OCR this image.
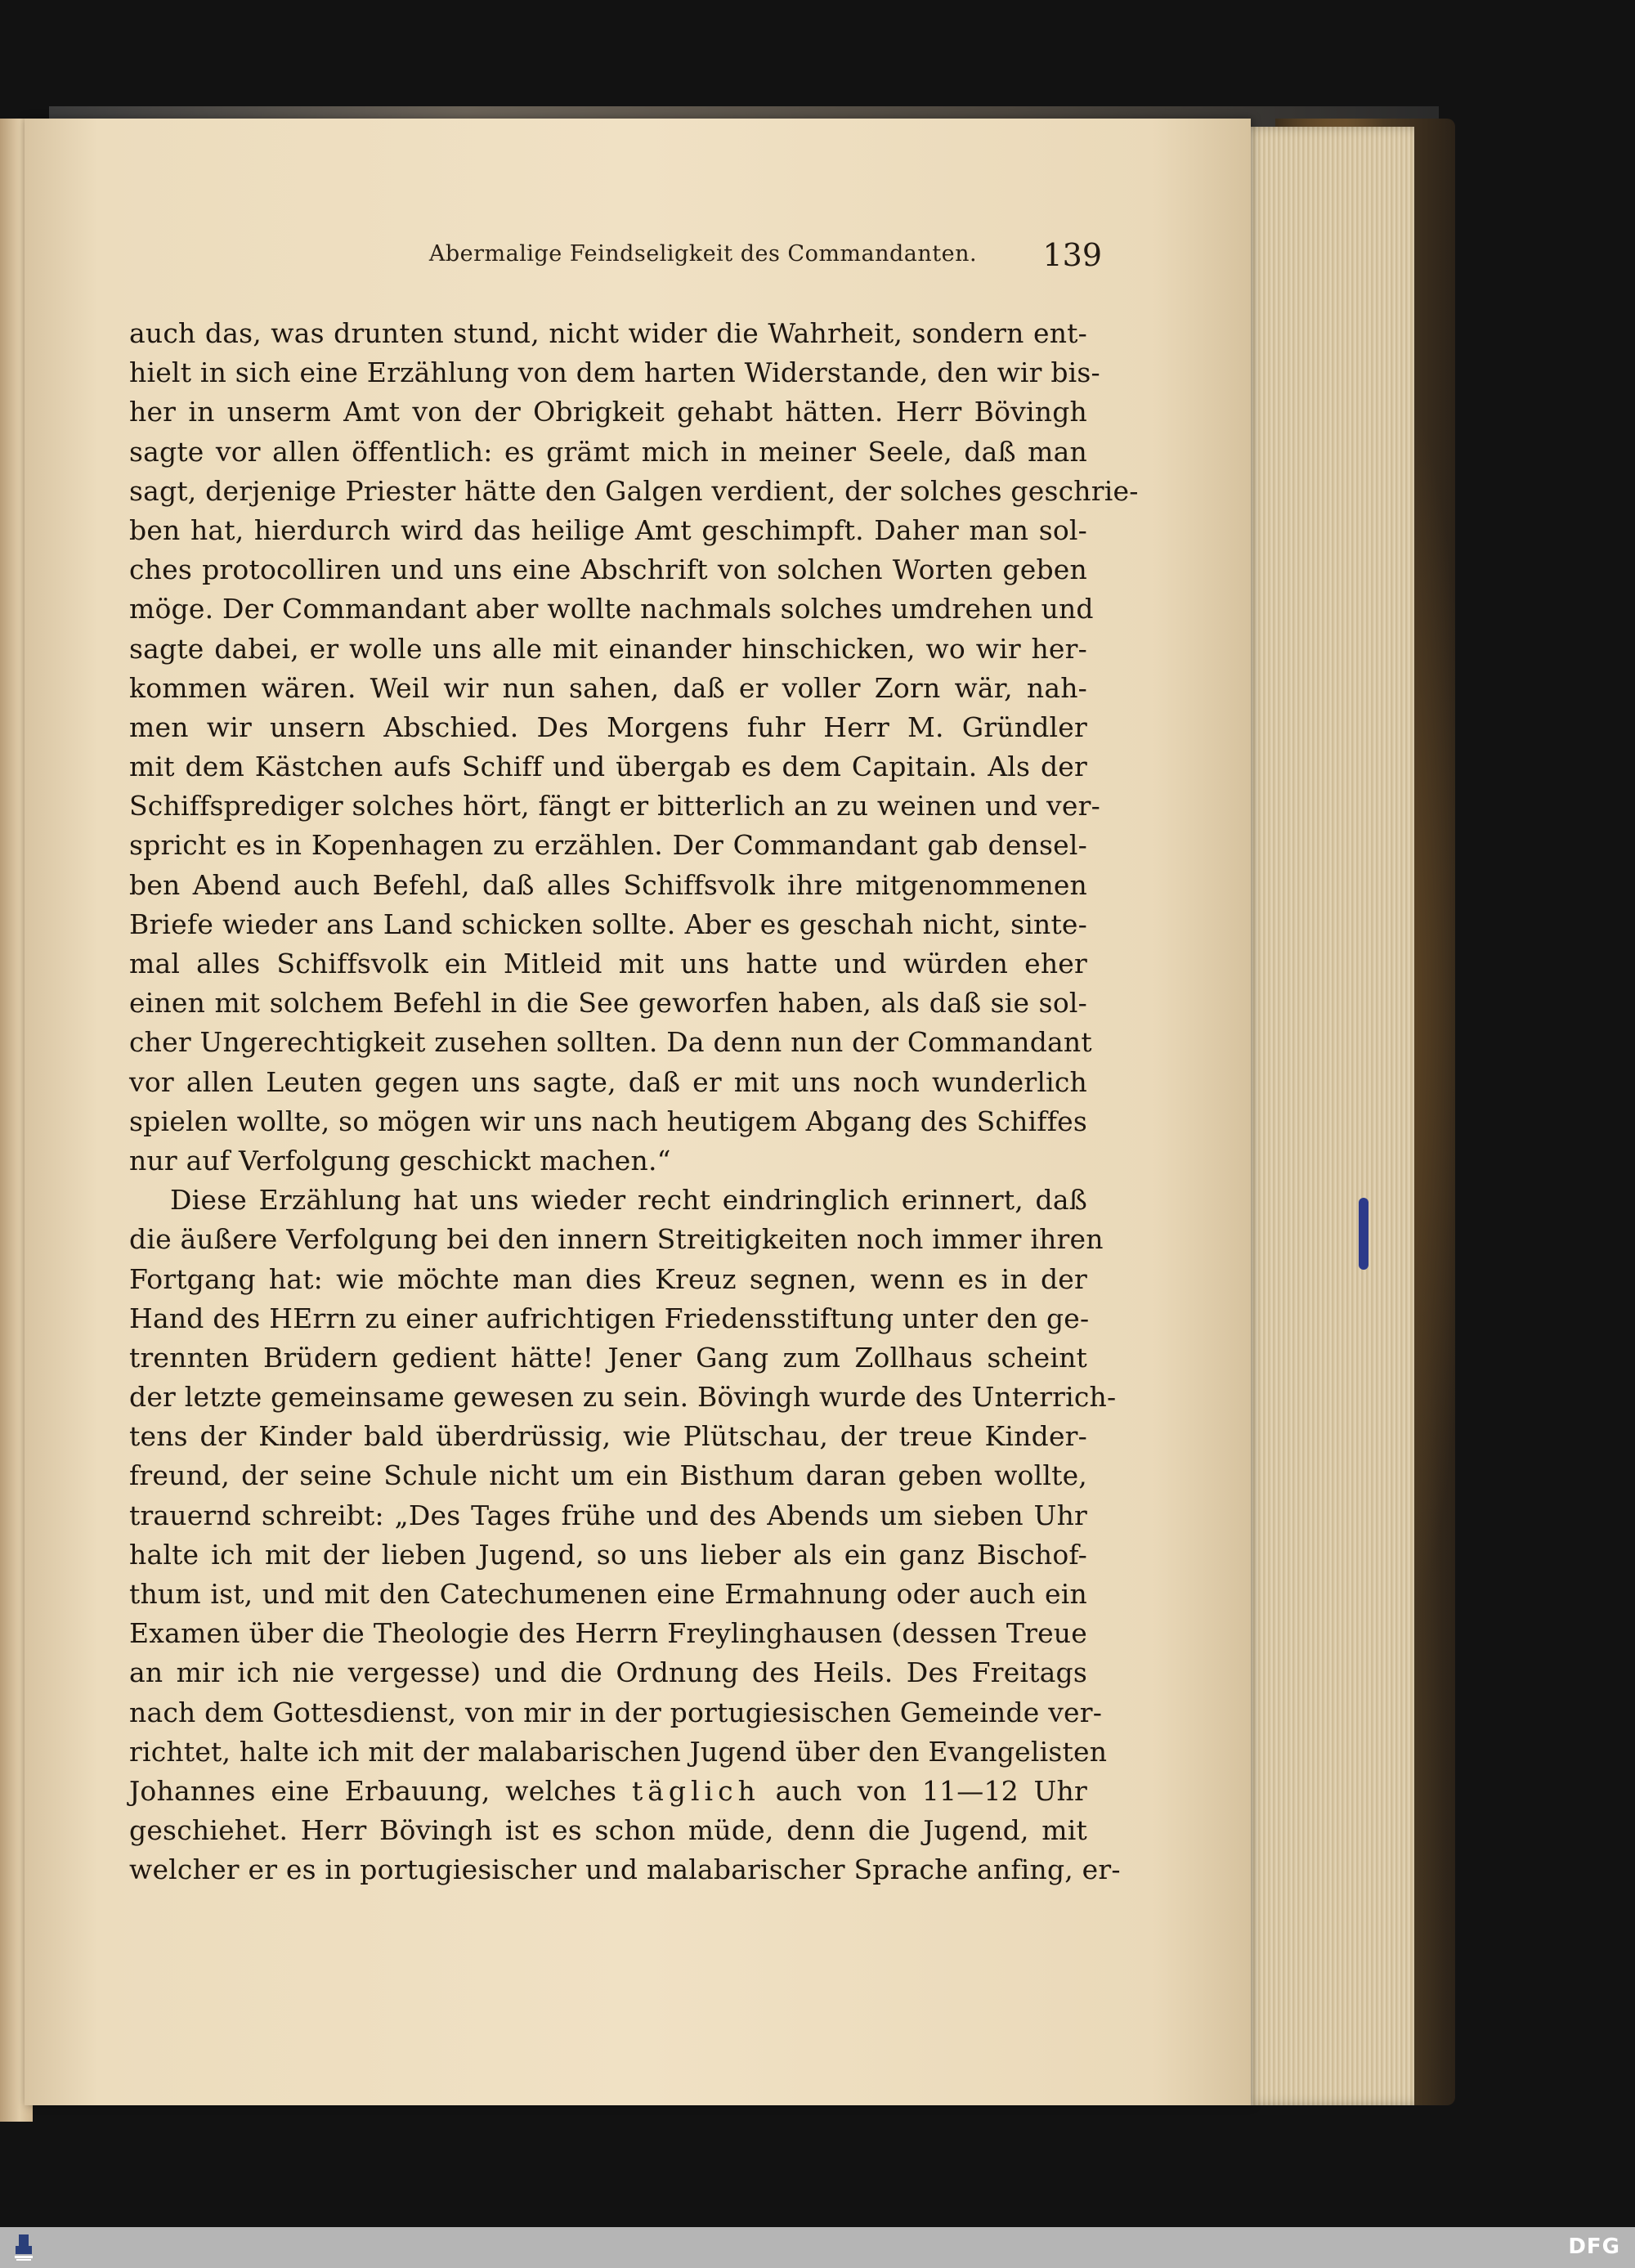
Abermalige Feindseligkeit des Commandanten.	139
auch das, was drunten stund, nicht wider die Wahrheit, sondern ent-
hielt in sich eine Erzählung von dem harten Widerstande, den wir bis-
her in unserm Amt von der Obrigkeit gehabt hätten. Herr Bövingh
sagte vor allen öffentlich: es grämt mich in meiner Seele, daß man
sagt, derjenige Priester hätte den Galgen verdient, der solches geschrie-
ben hat, hierdurch wird das heilige Amt geschimpft. Daher man sol-
ches protocolliren und uns eine Abschrift von solchen Worten geben
möge. Der Commandant aber wollte nachmals solches umdrehen und
sagte dabei, er wolle uns alle mit einander hinschicken, wo wir her-
kommen wären. Weil wir nun sahen, daß er voller Zorn wär, nah-
men wir unsern Abschied. Des Morgens fuhr Herr M. Gründler
mit dem Kästchen aufs Schiff und übergab es dem Capitain. Als der
Schiffsprediger solches hört, fängt er bitterlich an zu weinen und ver-
spricht es in Kopenhagen zu erzählen. Der Commandant gab densel-
ben Abend auch Befehl, daß alles Schiffsvolk ihre mitgenommenen
Briefe wieder ans Land schicken sollte. Aber es geschah nicht, sinte-
mal alles Schiffsvolk ein Mitleid mit uns hatte und würden eher
einen mit solchem Befehl in die See geworfen haben, als daß sie sol-
cher Ungerechtigkeit zusehen sollten. Da denn nun der Commandant
vor allen Leuten gegen uns sagte, daß er mit uns noch wunderlich
spielen wollte, so mögen wir uns nach heutigem Abgang des Schiffes
nur auf Verfolgung geschickt machen.“
Diese Erzählung hat uns wieder recht eindringlich erinnert, daß
die äußere Verfolgung bei den innern Streitigkeiten noch immer ihren
Fortgang hat: wie möchte man dies Kreuz segnen, wenn es in der
Hand des HErrn zu einer aufrichtigen Friedensstiftung unter den ge-
trennten Brüdern gedient hätte! Jener Gang zum Zollhaus scheint
der letzte gemeinsame gewesen zu sein. Bövingh wurde des Unterrich-
tens der Kinder bald überdrüssig, wie Plütschau, der treue Kinder-
freund, der seine Schule nicht um ein Bisthum daran geben wollte,
trauernd schreibt: „Des Tages frühe und des Abends um sieben Uhr
halte ich mit der lieben Jugend, so uns lieber als ein ganz Bischof-
thum ist, und mit den Catechumenen eine Ermahnung oder auch ein
Examen über die Theologie des Herrn Freylinghausen (dessen Treue
an mir ich nie vergesse) und die Ordnung des Heils. Des Freitags
nach dem Gottesdienst, von mir in der portugiesischen Gemeinde ver-
richtet, halte ich mit der malabarischen Jugend über den Evangelisten
Johannes eine Erbauung, welches täglich auch von 11—12 Uhr
geschiehet. Herr Bövingh ist es schon müde, denn die Jugend, mit
welcher er es in portugiesischer und malabarischer Sprache anfing, er-
DFG
